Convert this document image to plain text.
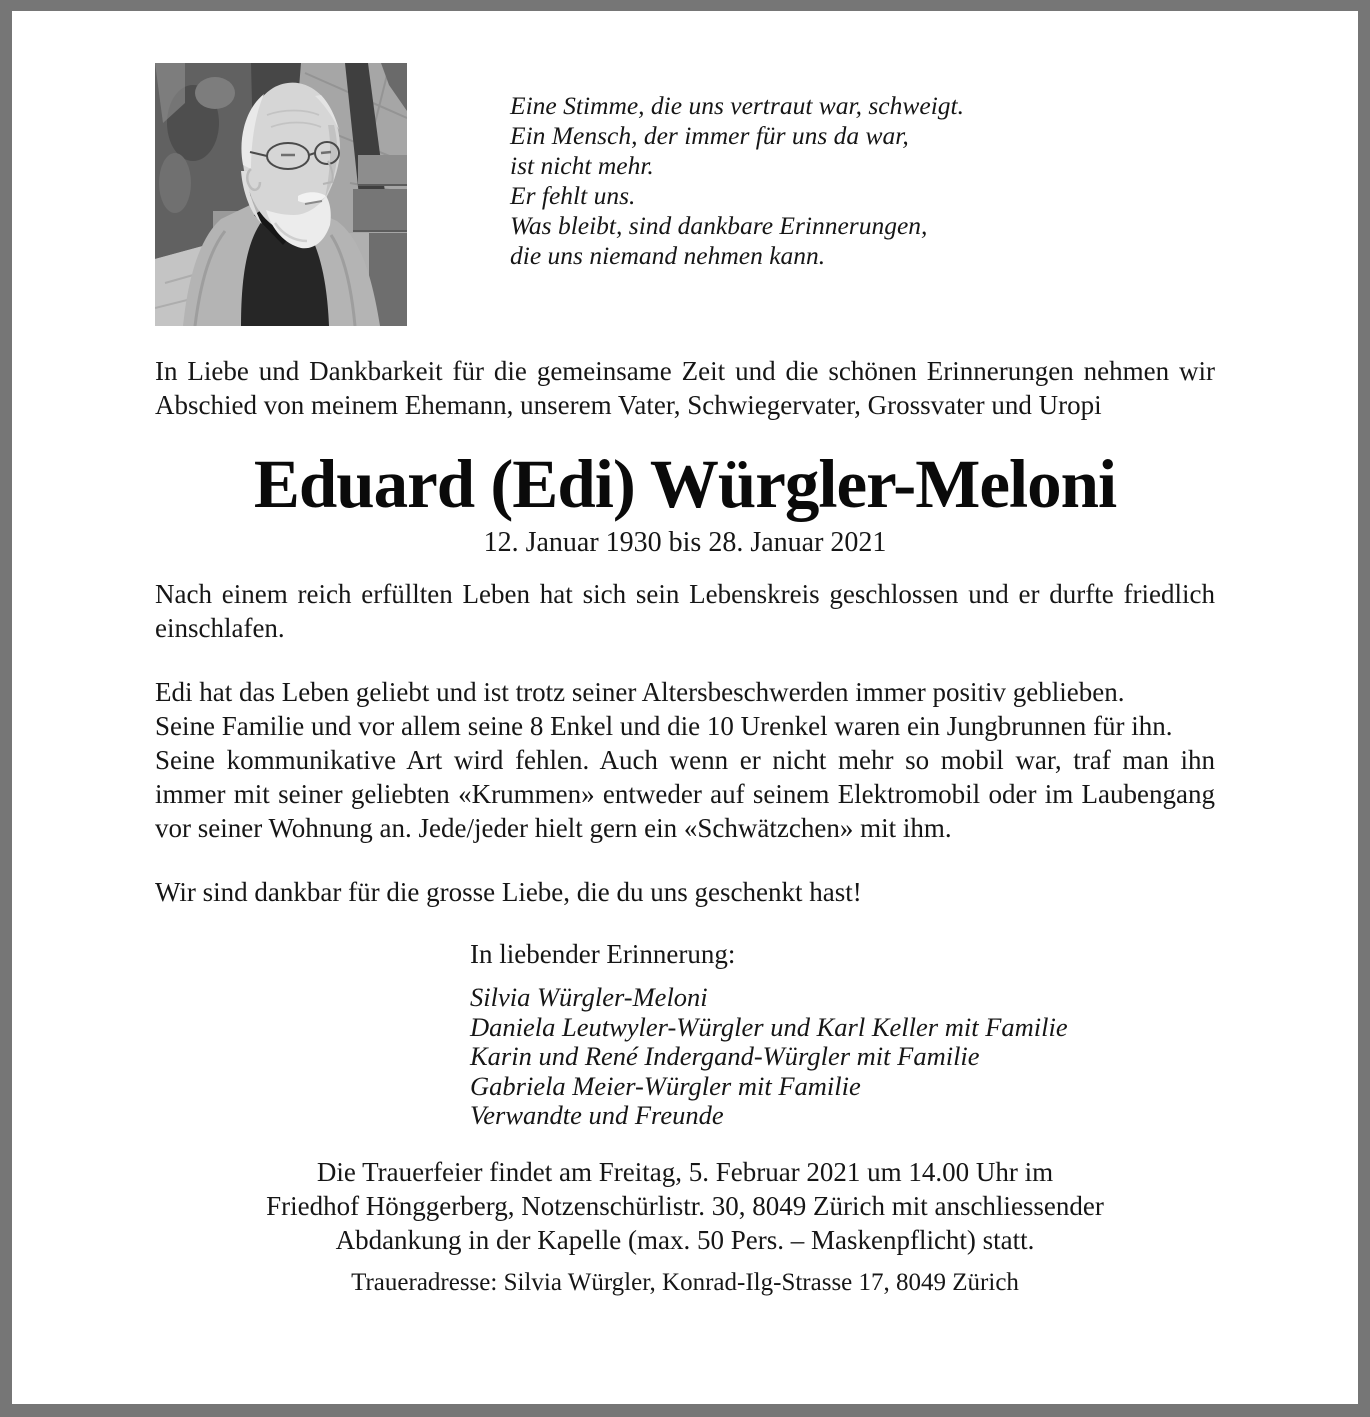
Eine Stimme, die uns vertraut war, schweigt.
Ein Mensch, der immer für uns da war,
ist nicht mehr.
Er fehlt uns.
Was bleibt, sind dankbare Erinnerungen,
die uns niemand nehmen kann.

In Liebe und Dankbarkeit für die gemeinsame Zeit und die schönen Erinnerungen nehmen wir Abschied von meinem Ehemann, unserem Vater, Schwiegervater, Grossvater und Uropi

Eduard (Edi) Würgler-Meloni
12. Januar 1930 bis 28. Januar 2021

Nach einem reich erfüllten Leben hat sich sein Lebenskreis geschlossen und er durfte friedlich einschlafen.

Edi hat das Leben geliebt und ist trotz seiner Altersbeschwerden immer positiv geblieben.

Seine Familie und vor allem seine 8 Enkel und die 10 Urenkel waren ein Jungbrunnen für ihn.

Seine kommunikative Art wird fehlen. Auch wenn er nicht mehr so mobil war, traf man ihn immer mit seiner geliebten «Krummen» entweder auf seinem Elektromobil oder im Laubengang vor seiner Wohnung an. Jede/jeder hielt gern ein «Schwätzchen» mit ihm.

Wir sind dankbar für die grosse Liebe, die du uns geschenkt hast!

In liebender Erinnerung:
Silvia Würgler-Meloni
Daniela Leutwyler-Würgler und Karl Keller mit Familie
Karin und René Indergand-Würgler mit Familie
Gabriela Meier-Würgler mit Familie
Verwandte und Freunde
Die Trauerfeier findet am Freitag, 5. Februar 2021 um 14.00 Uhr im
Friedhof Hönggerberg, Notzenschürlistr. 30, 8049 Zürich mit anschliessender
Abdankung in der Kapelle (max. 50 Pers. – Maskenpflicht) statt.
Traueradresse: Silvia Würgler, Konrad-Ilg-Strasse 17, 8049 Zürich
